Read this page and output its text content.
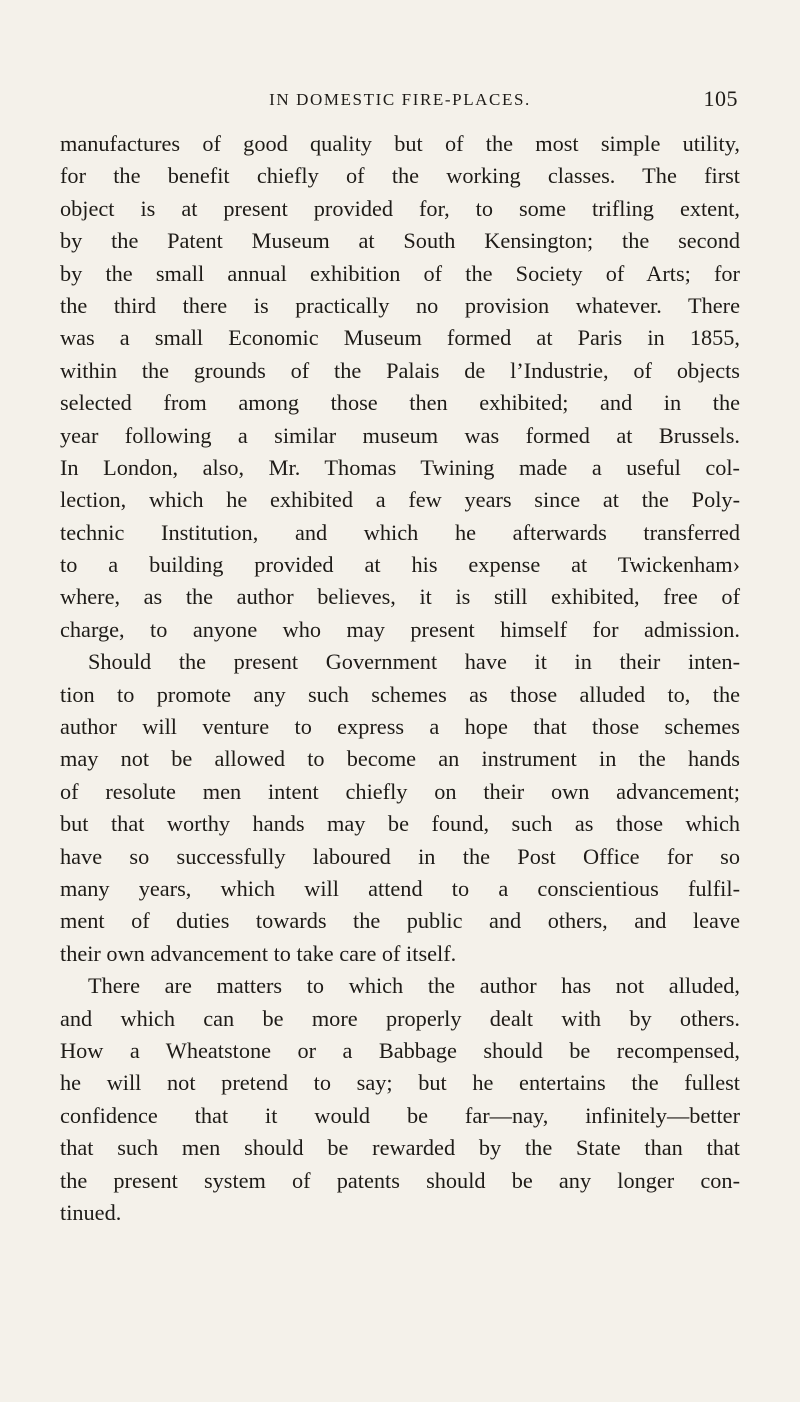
IN DOMESTIC FIRE-PLACES.	105
manufactures of good quality but of the most simple utility,
for the benefit chiefly of the working classes. The first
object is at present provided for, to some trifling extent,
by the Patent Museum at South Kensington; the second
by the small annual exhibition of the Society of Arts; for
the third there is practically no provision whatever. There
was a small Economic Museum formed at Paris in 1855,
within the grounds of the Palais de l’Industrie, of objects
selected from among those then exhibited; and in the
year following a similar museum was formed at Brussels.
In London, also, Mr. Thomas Twining made a useful col-
lection, which he exhibited a few years since at the Poly-
technic Institution, and which he afterwards transferred
to a building provided at his expense at Twickenham›
where, as the author believes, it is still exhibited, free of
charge, to anyone who may present himself for admission.
Should the present Government have it in their inten-
tion to promote any such schemes as those alluded to, the
author will venture to express a hope that those schemes
may not be allowed to become an instrument in the hands
of resolute men intent chiefly on their own advancement;
but that worthy hands may be found, such as those which
have so successfully laboured in the Post Office for so
many years, which will attend to a conscientious fulfil-
ment of duties towards the public and others, and leave
their own advancement to take care of itself.
There are matters to which the author has not alluded,
and which can be more properly dealt with by others.
How a Wheatstone or a Babbage should be recompensed,
he will not pretend to say; but he entertains the fullest
confidence that it would be far—nay, infinitely—better
that such men should be rewarded by the State than that
the present system of patents should be any longer con-
tinued.
